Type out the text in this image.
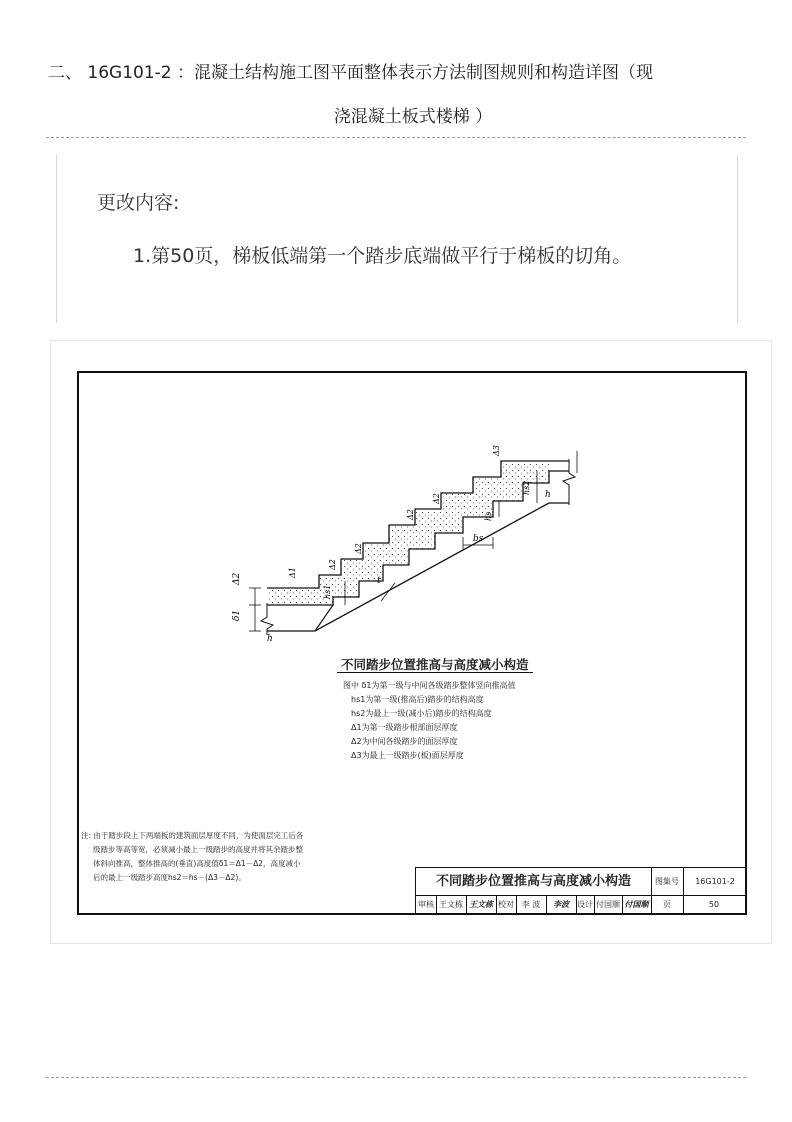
二、 16G101-2 ：混凝土结构施工图平面整体表示方法制图规则和构造详图（现
浇混凝土板式楼梯 ）
更改内容:
1.第50页，梯板低端第一个踏步底端做平行于梯板的切角。
Δ2
δ1
Δ1
Δ2
Δ2
Δ2
Δ2
Δ3
h
hs1
hs
hs2 h
bs
t
不同踏步位置推高与高度减小构造
图中 δ1为第一级与中间各级踏步整体竖向推高值
hs1为第一级(推高后)踏步的结构高度
hs2为最上一级(减小后)踏步的结构高度
Δ1为第一级踏步根部面层厚度
Δ2为中间各级踏步的面层厚度
Δ3为最上一级踏步(板)面层厚度
注: 由于踏步段上下两端板的建筑面层厚度不同，为使面层完工后各
级踏步等高等宽，必须减小最上一级踏步的高度并将其余踏步整
体斜向推高，整体推高的(垂直)高度值δ1＝Δ1－Δ2，高度减小
后的最上一级踏步高度hs2＝hs－(Δ3－Δ2)。	不同踏步位置推高与高度减小构造	图集号	16G101-2
审核 王文栋 王文栋 校对 李 波	李波	设计 付国顺 付国顺	页	50
